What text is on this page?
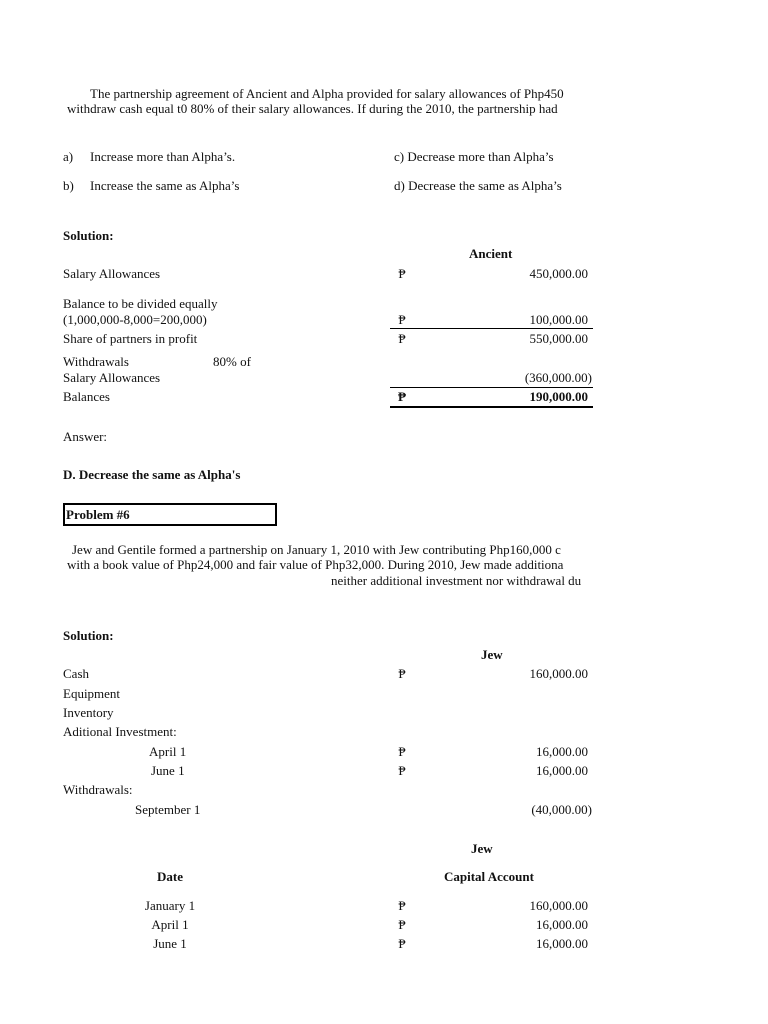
The partnership agreement of Ancient and Alpha provided for salary allowances of Php450
withdraw cash equal t0 80% of their salary allowances. If during the 2010, the partnership had
a) Increase more than Alpha’s.	c) Decrease more than Alpha’s
b) Increase the same as Alpha’s	d) Decrease the same as Alpha’s
Solution:
Ancient
Salary Allowances	₱	450,000.00
Balance to be divided equally
(1,000,000-8,000=200,000)	₱	100,000.00
Share of partners in profit	₱	550,000.00
Withdrawals	80% of
Salary Allowances	(360,000.00)
Balances	₱	190,000.00
Answer:
D. Decrease the same as Alpha's
Problem #6
Jew and Gentile formed a partnership on January 1, 2010 with Jew contributing Php160,000 c
with a book value of Php24,000 and fair value of Php32,000. During 2010, Jew made additiona
neither additional investment nor withdrawal du
Solution:
Jew
Cash	₱	160,000.00
Equipment
Inventory
Aditional Investment:
April 1	₱	16,000.00
June 1	₱	16,000.00
Withdrawals:
September 1	(40,000.00)
Jew
Date	Capital Account
January 1	₱	160,000.00
April 1	₱	16,000.00
June 1	₱	16,000.00
